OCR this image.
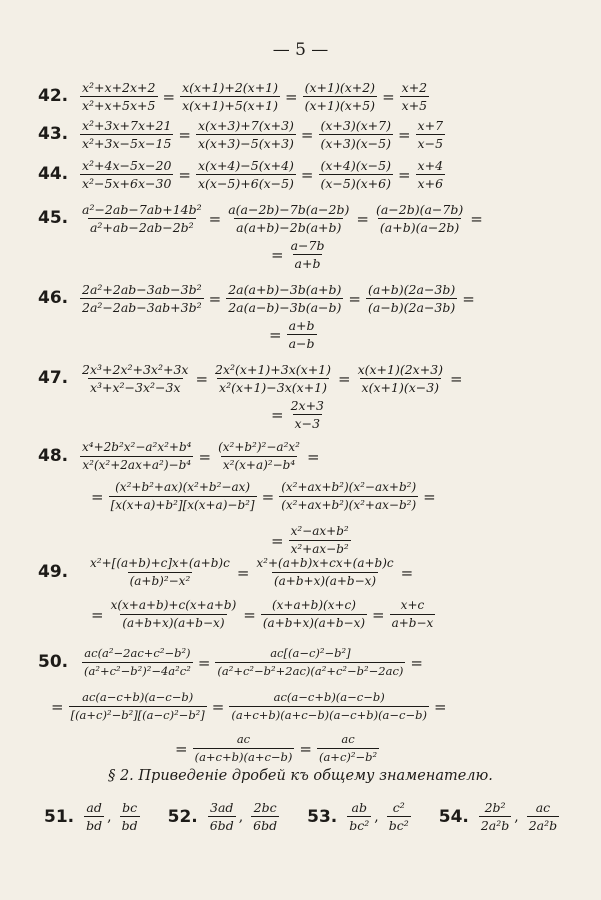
— 5 —
42. $\frac{\text{x²+x+2x+2}}{\text{x²+x+5x+5}} = \frac{x(x+1)+2(x+1)}{x(x+1)+5(x+1)} = \frac{(x+1)(x+2)}{(x+1)(x+5)} = \frac{x+2}{x+5}$
43. $\frac{\text{x²+3x+7x+21}}{\text{x²+3x−5x−15}} = \frac{x(x+3)+7(x+3)}{x(x+3)-5(x+3)} = \frac{(x+3)(x+7)}{(x+3)(x-5)} = \frac{x+7}{x-5}$
44. $\frac{\text{x²+4x−5x−20}}{\text{x²−5x+6x−30}} = \frac{x(x+4)-5(x+4)}{x(x-5)+6(x-5)} = \frac{(x+4)(x-5)}{(x-5)(x+6)} = \frac{x+4}{x+6}$
45. $\frac{\text{a²−2ab−7ab+14b²}}{\text{a²+ab−2ab−2b²}} = \frac{a(a-2b)-7b(a-2b)}{a(a+b)-2b(a+b)} = \frac{(a-2b)(a-7b)}{(a+b)(a-2b)}$ =
= $\frac{a-7b}{a+b}$
46. $\frac{\text{2a²+2ab−3ab−3b²}}{\text{2a²−2ab−3ab+3b²}} = \frac{2a(a+b)-3b(a+b)}{2a(a-b)-3b(a-b)} = \frac{(a+b)(2a-3b)}{(a-b)(2a-3b)}$ =
= $\frac{a+b}{a-b}$
47. $\frac{\text{2x³+2x²+3x²+3x}}{\text{x³+x²−3x²−3x}} = \frac{\text{2x²(x+1)+3x(x+1)}}{\text{x²(x+1)−3x(x+1)}} = \frac{x(x+1)(2x+3)}{x(x+1)(x-3)}$ =
= $\frac{2x+3}{x-3}$
48. $\frac{\text{x⁴+2b²x²−a²x²+b⁴}}{\text{x²(x²+2ax+a²)−b⁴}} = \frac{\text{(x²+b²)²−a²x²}}{\text{x²(x+a)²−b⁴}}$ =
= $\frac{\text{(x²+b²+ax)(x²+b²−ax)}}{\text{[x(x+a)+b²][x(x+a)−b²]}} = \frac{\text{(x²+ax+b²)(x²−ax+b²)}}{\text{(x²+ax+b²)(x²+ax−b²)}}$ =
= $\frac{\text{x²−ax+b²}}{\text{x²+ax−b²}}$
49. $\frac{\text{x²+[(a+b)+c]x+(a+b)c}}{\text{(a+b)²−x²}} = \frac{\text{x²+(a+b)x+cx+(a+b)c}}{(a+b+x)(a+b-x)}$ =
= $\frac{x(x+a+b)+c(x+a+b)}{(a+b+x)(a+b-x)} = \frac{(x+a+b)(x+c)}{(a+b+x)(a+b-x)} = \frac{x+c}{a+b-x}$
50. $\frac{\text{ac(a²−2ac+c²−b²)}}{\text{(a²+c²−b²)²−4a²c²}} = \frac{\text{ac[(a−c)²−b²]}}{\text{(a²+c²−b²+2ac)(a²+c²−b²−2ac)}}$ =
= $\frac{ac(a-c+b)(a-c-b)}{\text{[(a+c)²−b²][(a−c)²−b²]}} = \frac{ac(a-c+b)(a-c-b)}{(a+c+b)(a+c-b)(a-c+b)(a-c-b)}$ =
= $\frac{ac}{(a+c+b)(a+c-b)} = \frac{ac}{\text{(a+c)²−b²}}$
§ 2. Приведеніе дробей къ общему знаменателю.
51. $\frac{ad}{bd}$ , $\frac{bc}{bd} 52$. $\frac{3ad}{6bd}$ , $\frac{2bc}{6bd} 53$. $\frac{ab}{\text{bc²}}$ , $\frac{\text{c²}}{\text{bc²}} 54$. $\frac{\text{2b²}}{\text{2a²b}}$ , $\frac{ac}{\text{2a²b}}$
